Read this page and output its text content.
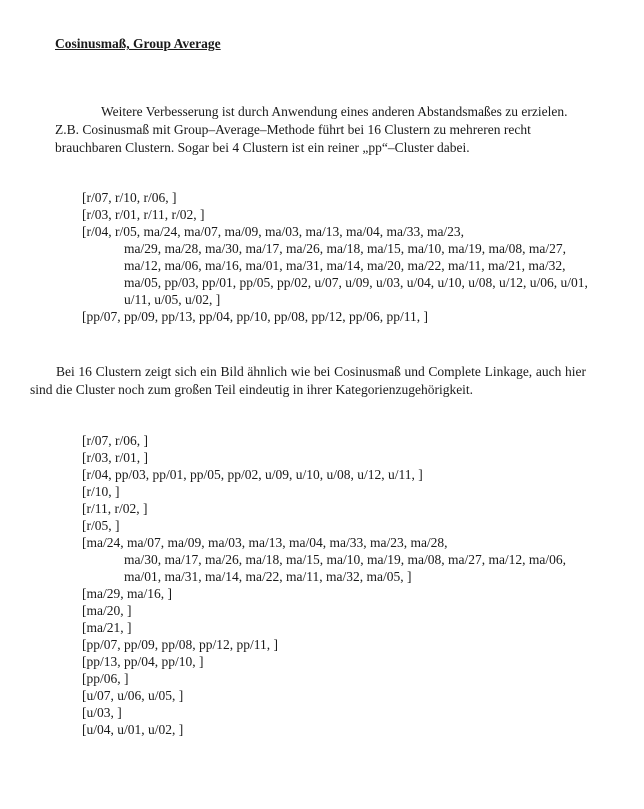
Cosinusmaß, Group Average

Weitere Verbesserung ist durch Anwendung eines anderen Abstandsmaßes zu erzielen. Z.B. Cosinusmaß mit Group–Average–Methode führt bei 16 Clustern zu mehreren recht brauchbaren Clustern. Sogar bei 4 Clustern ist ein reiner „pp“–Cluster dabei.

[r/07, r/10, r/06, ]
[r/03, r/01, r/11, r/02, ]
[r/04, r/05, ma/24, ma/07, ma/09, ma/03, ma/13, ma/04, ma/33, ma/23,
ma/29, ma/28, ma/30, ma/17, ma/26, ma/18, ma/15, ma/10, ma/19, ma/08, ma/27, ma/12, ma/06, ma/16, ma/01, ma/31, ma/14, ma/20, ma/22, ma/11, ma/21, ma/32, ma/05, pp/03, pp/01, pp/05, pp/02, u/07, u/09, u/03, u/04, u/10, u/08, u/12, u/06, u/01, u/11, u/05, u/02, ]
[pp/07, pp/09, pp/13, pp/04, pp/10, pp/08, pp/12, pp/06, pp/11, ]

Bei 16 Clustern zeigt sich ein Bild ähnlich wie bei Cosinusmaß und Complete Linkage, auch hier sind die Cluster noch zum großen Teil eindeutig in ihrer Kategorienzugehörigkeit.

[r/07, r/06, ]
[r/03, r/01, ]
[r/04, pp/03, pp/01, pp/05, pp/02, u/09, u/10, u/08, u/12, u/11, ]
[r/10, ]
[r/11, r/02, ]
[r/05, ]
[ma/24, ma/07, ma/09, ma/03, ma/13, ma/04, ma/33, ma/23, ma/28,
ma/30, ma/17, ma/26, ma/18, ma/15, ma/10, ma/19, ma/08, ma/27, ma/12, ma/06, ma/01, ma/31, ma/14, ma/22, ma/11, ma/32, ma/05, ]
[ma/29, ma/16, ]
[ma/20, ]
[ma/21, ]
[pp/07, pp/09, pp/08, pp/12, pp/11, ]
[pp/13, pp/04, pp/10, ]
[pp/06, ]
[u/07, u/06, u/05, ]
[u/03, ]
[u/04, u/01, u/02, ]
